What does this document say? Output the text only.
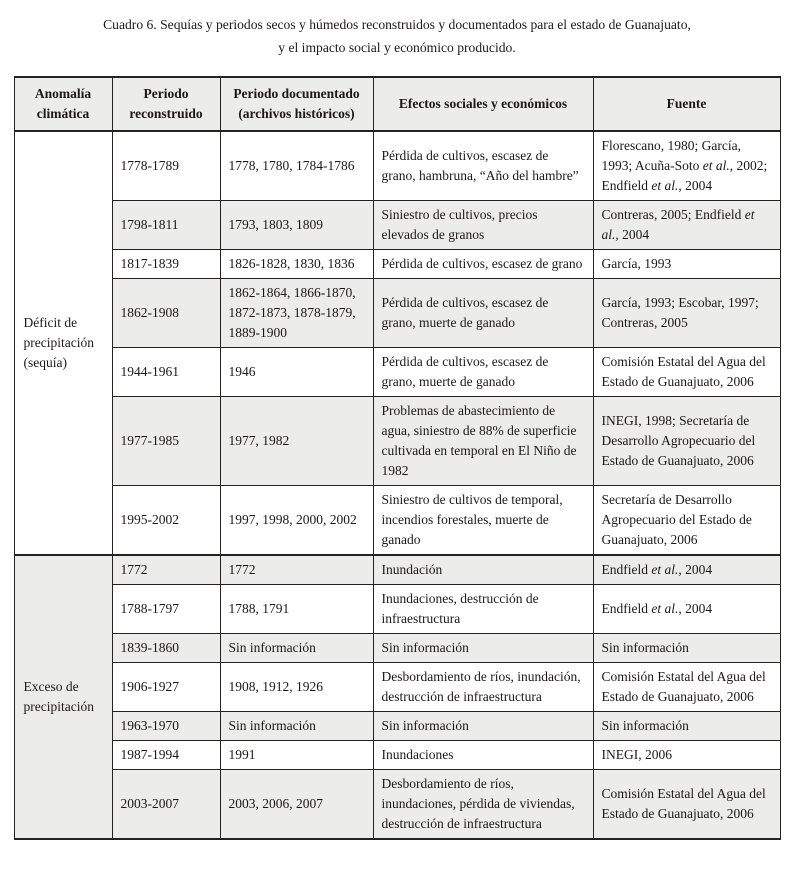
Cuadro 6. Sequías y periodos secos y húmedos reconstruidos y documentados para el estado de Guanajuato,
y el impacto social y económico producido.
Anomalía climática	Periodo reconstruido	Periodo documentado (archivos históricos)	Efectos sociales y económicos	Fuente
Déficit de precipitación (sequía)	1778-1789	1778, 1780, 1784-1786	Pérdida de cultivos, escasez de grano, hambruna, “Año del hambre”	Florescano, 1980; García, 1993; Acuña-Soto et al., 2002; Endfield et al., 2004
	1798-1811	1793, 1803, 1809	Siniestro de cultivos, precios elevados de granos	Contreras, 2005; Endfield et al., 2004
	1817-1839	1826-1828, 1830, 1836	Pérdida de cultivos, escasez de grano	García, 1993
	1862-1908	1862-1864, 1866-1870, 1872-1873, 1878-1879, 1889-1900	Pérdida de cultivos, escasez de grano, muerte de ganado	García, 1993; Escobar, 1997; Contreras, 2005
	1944-1961	1946	Pérdida de cultivos, escasez de grano, muerte de ganado	Comisión Estatal del Agua del Estado de Guanajuato, 2006
	1977-1985	1977, 1982	Problemas de abastecimiento de agua, siniestro de 88% de superficie cultivada en temporal en El Niño de 1982	INEGI, 1998; Secretaría de Desarrollo Agropecuario del Estado de Guanajuato, 2006
	1995-2002	1997, 1998, 2000, 2002	Siniestro de cultivos de temporal, incendios forestales, muerte de ganado	Secretaría de Desarrollo Agropecuario del Estado de Guanajuato, 2006
Exceso de precipitación	1772	1772	Inundación	Endfield et al., 2004
	1788-1797	1788, 1791	Inundaciones, destrucción de infraestructura	Endfield et al., 2004
	1839-1860	Sin información	Sin información	Sin información
	1906-1927	1908, 1912, 1926	Desbordamiento de ríos, inundación, destrucción de infraestructura	Comisión Estatal del Agua del Estado de Guanajuato, 2006
	1963-1970	Sin información	Sin información	Sin información
	1987-1994	1991	Inundaciones	INEGI, 2006
	2003-2007	2003, 2006, 2007	Desbordamiento de ríos, inundaciones, pérdida de viviendas, destrucción de infraestructura	Comisión Estatal del Agua del Estado de Guanajuato, 2006
